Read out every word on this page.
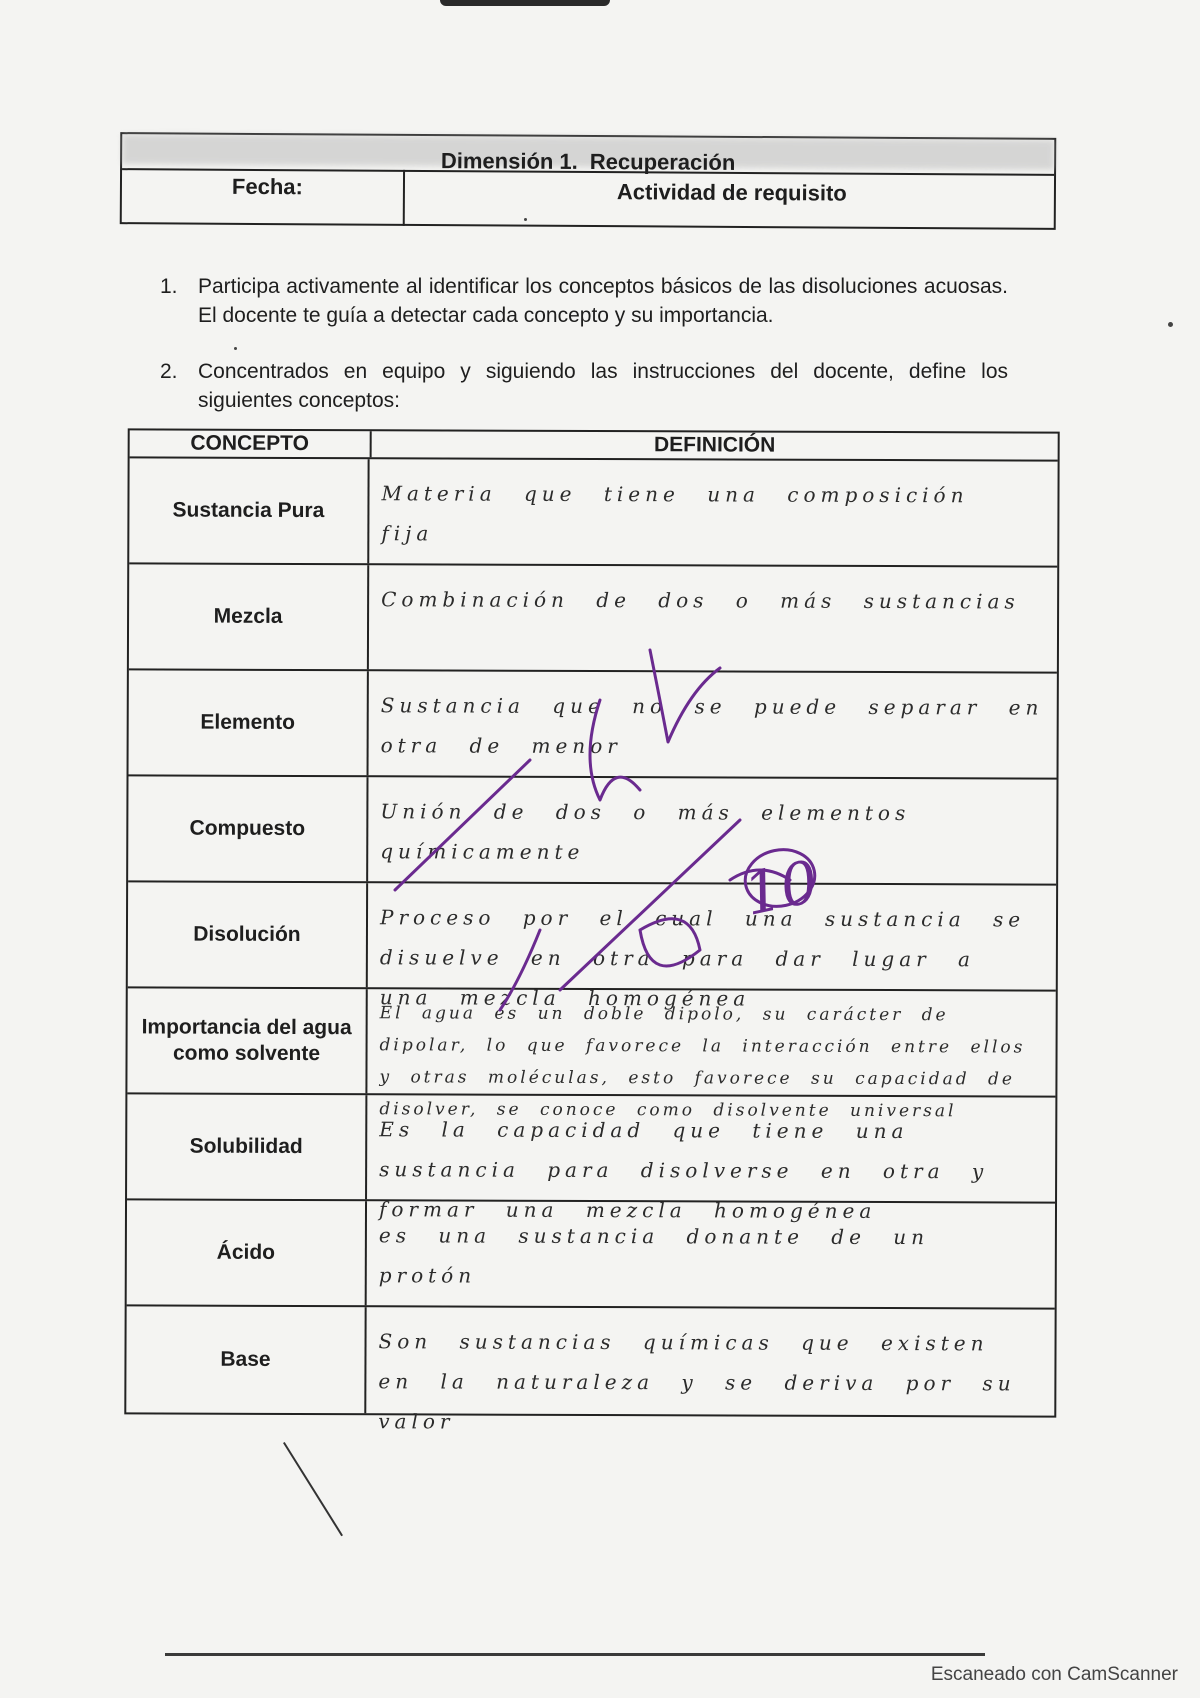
Dimensión 1. Recuperación
Fecha:	Actividad de requisito
1. Participa activamente al identificar los conceptos básicos de las disoluciones acuosas. El docente te guía a detectar cada concepto y su importancia.
2. Concentrados en equipo y siguiendo las instrucciones del docente, define los siguientes conceptos:
CONCEPTO	DEFINICIÓN
Sustancia Pura
Materia que tiene una composición fija
Mezcla
Combinación de dos o más sustancias
Elemento
Sustancia que no se puede separar en otra de menor
Compuesto
Unión de dos o más elementos químicamente
Disolución
Proceso por el cual una sustancia se disuelve en otra para dar lugar a una mezcla homogénea
Importancia del agua como solvente
El agua es un doble dipolo, su carácter de dipolar, lo que favorece la interacción entre ellos y otras moléculas, esto favorece su capacidad de disolver, se conoce como disolvente universal
Solubilidad
Es la capacidad que tiene una sustancia para disolverse en otra y formar una mezcla homogénea
Ácido
es una sustancia donante de un protón
Base
Son sustancias químicas que existen en la naturaleza y se deriva por su valor
10
Escaneado con CamScanner
